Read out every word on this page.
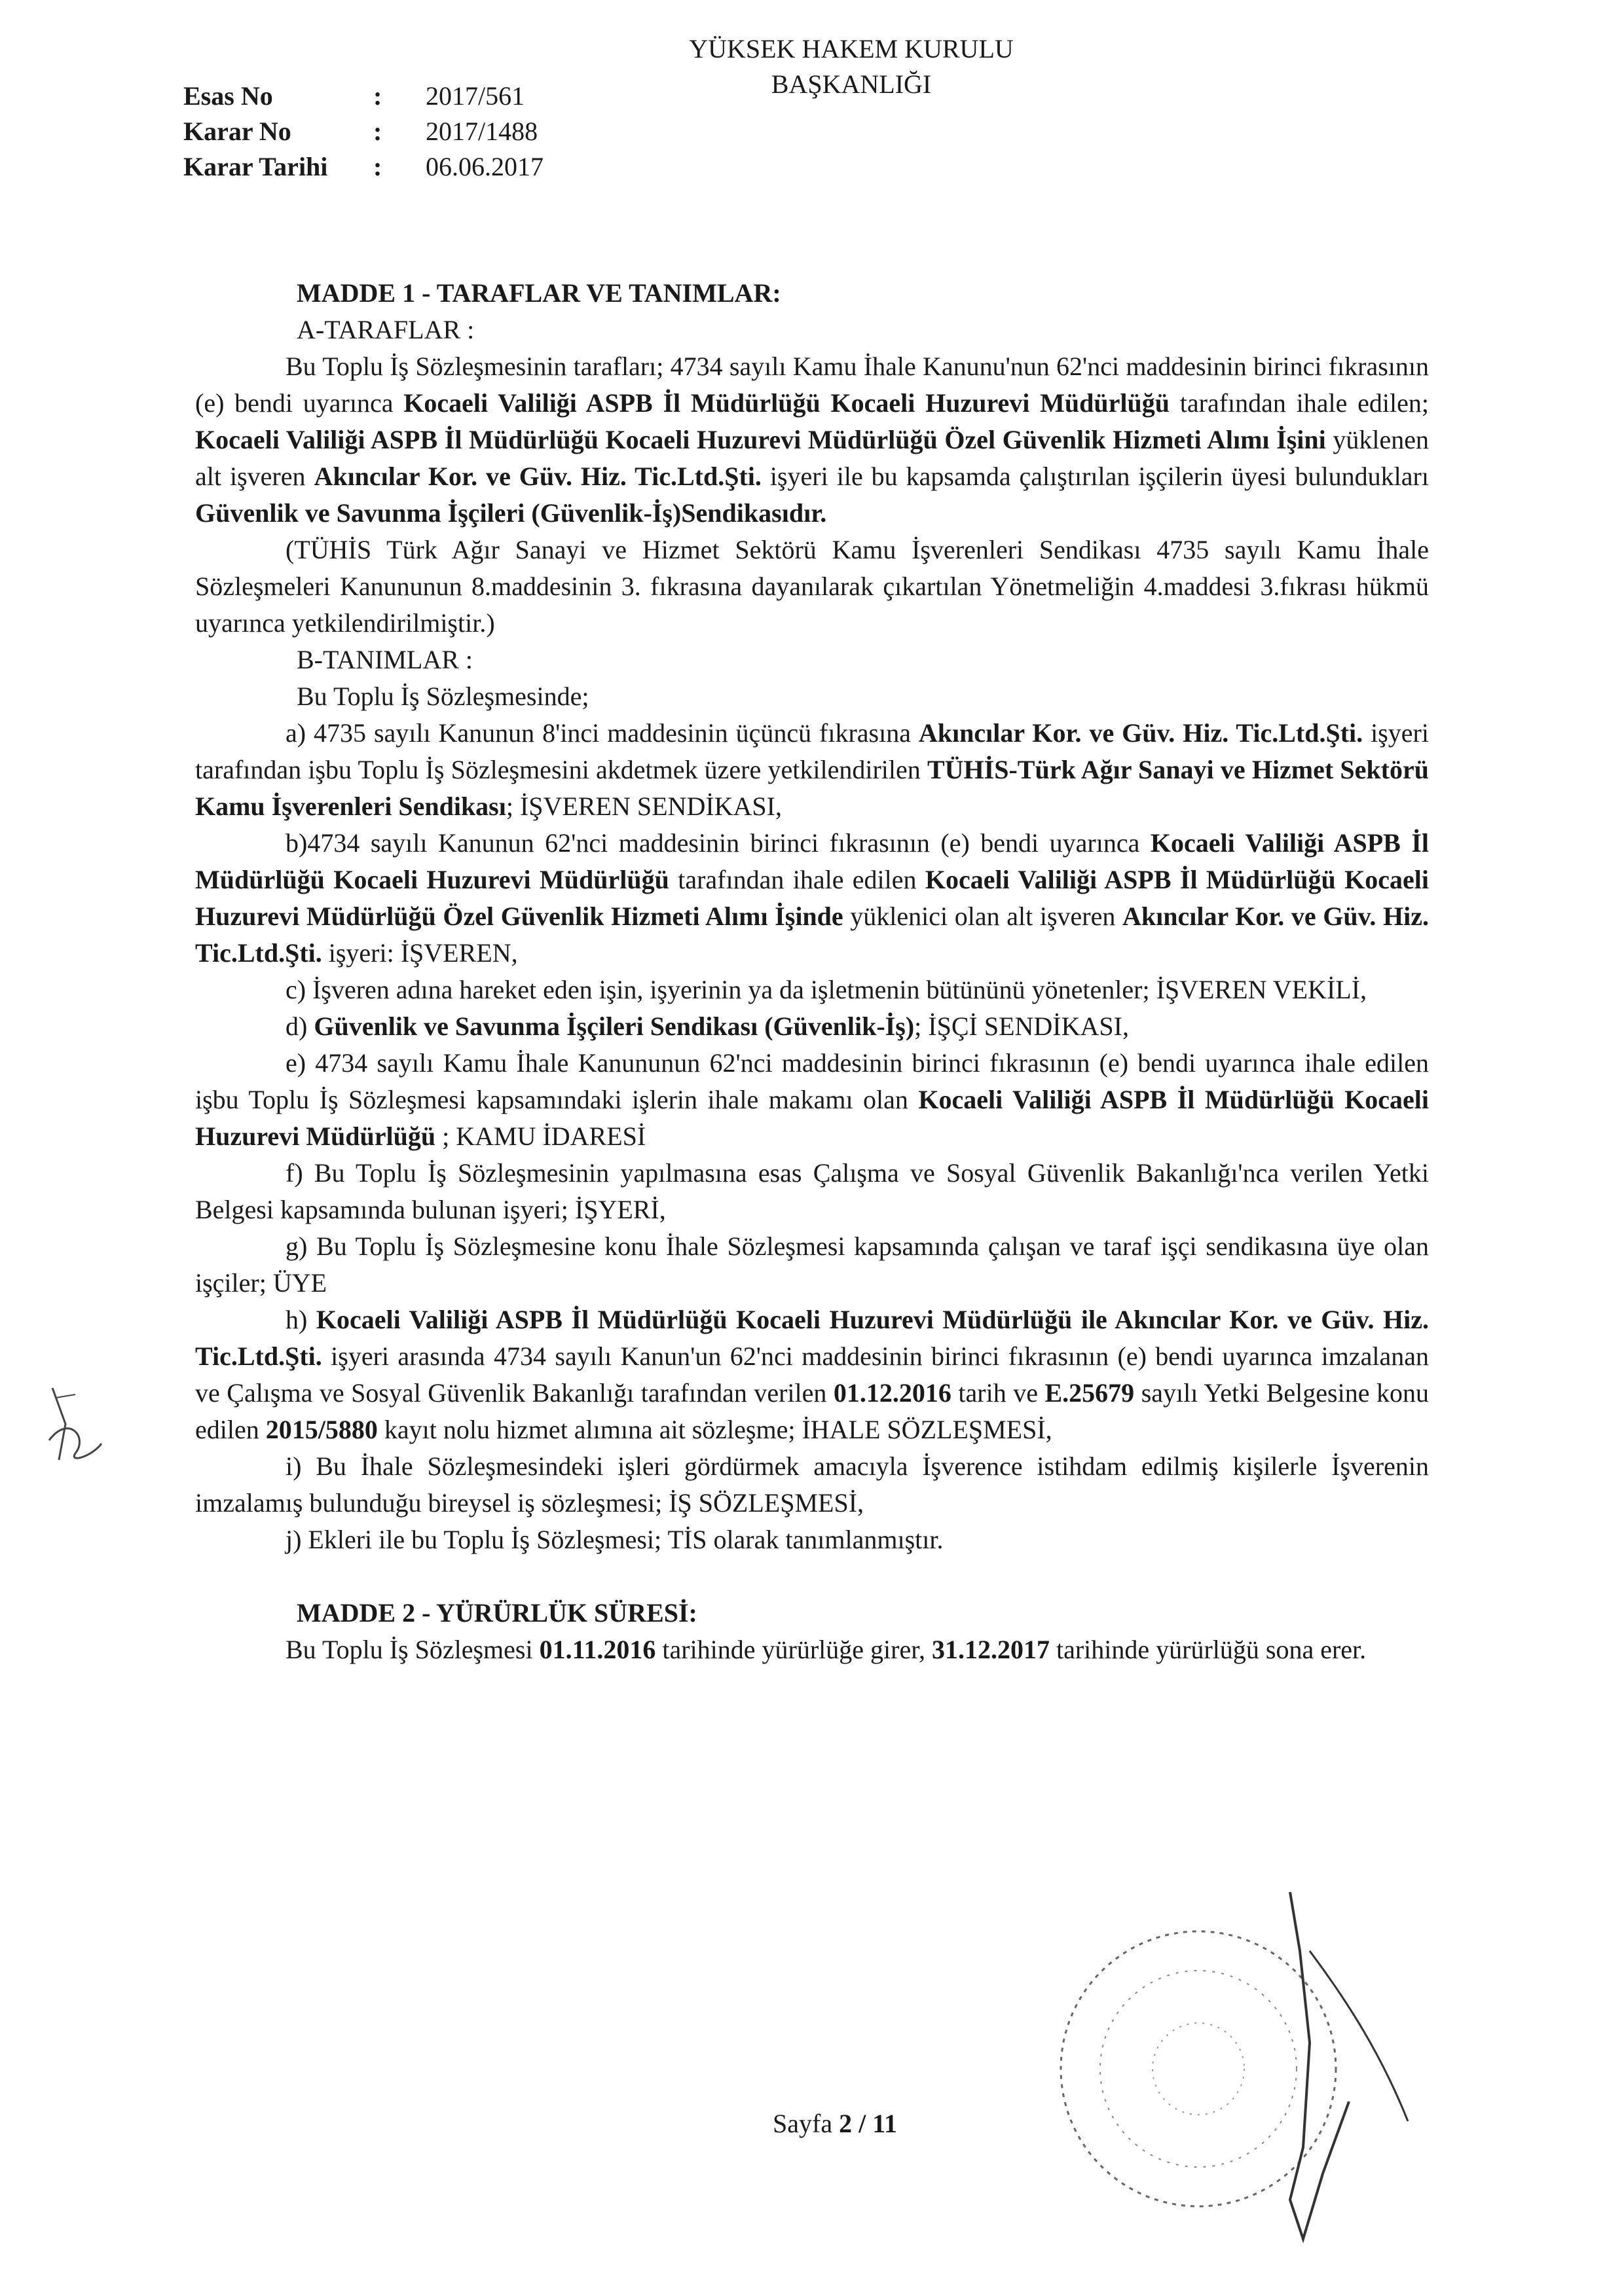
YÜKSEK HAKEM KURULU
BAŞKANLIĞI
Esas No	:	2017/561
Karar No	:	2017/1488
Karar Tarihi	:	06.06.2017

MADDE 1 - TARAFLAR VE TANIMLAR:

A-TARAFLAR :

Bu Toplu İş Sözleşmesinin tarafları; 4734 sayılı Kamu İhale Kanunu'nun 62'nci maddesinin birinci fıkrasının (e) bendi uyarınca Kocaeli Valiliği ASPB İl Müdürlüğü Kocaeli Huzurevi Müdürlüğü tarafından ihale edilen; Kocaeli Valiliği ASPB İl Müdürlüğü Kocaeli Huzurevi Müdürlüğü Özel Güvenlik Hizmeti Alımı İşini yüklenen alt işveren Akıncılar Kor. ve Güv. Hiz. Tic.Ltd.Şti. işyeri ile bu kapsamda çalıştırılan işçilerin üyesi bulundukları Güvenlik ve Savunma İşçileri (Güvenlik-İş)Sendikasıdır.

(TÜHİS Türk Ağır Sanayi ve Hizmet Sektörü Kamu İşverenleri Sendikası 4735 sayılı Kamu İhale Sözleşmeleri Kanununun 8.maddesinin 3. fıkrasına dayanılarak çıkartılan Yönetmeliğin 4.maddesi 3.fıkrası hükmü uyarınca yetkilendirilmiştir.)

B-TANIMLAR :

Bu Toplu İş Sözleşmesinde;

a) 4735 sayılı Kanunun 8'inci maddesinin üçüncü fıkrasına Akıncılar Kor. ve Güv. Hiz. Tic.Ltd.Şti. işyeri tarafından işbu Toplu İş Sözleşmesini akdetmek üzere yetkilendirilen TÜHİS-Türk Ağır Sanayi ve Hizmet Sektörü Kamu İşverenleri Sendikası; İŞVEREN SENDİKASI,

b)4734 sayılı Kanunun 62'nci maddesinin birinci fıkrasının (e) bendi uyarınca Kocaeli Valiliği ASPB İl Müdürlüğü Kocaeli Huzurevi Müdürlüğü tarafından ihale edilen Kocaeli Valiliği ASPB İl Müdürlüğü Kocaeli Huzurevi Müdürlüğü Özel Güvenlik Hizmeti Alımı İşinde yüklenici olan alt işveren Akıncılar Kor. ve Güv. Hiz. Tic.Ltd.Şti. işyeri: İŞVEREN,

c) İşveren adına hareket eden işin, işyerinin ya da işletmenin bütününü yönetenler; İŞVEREN VEKİLİ,

d) Güvenlik ve Savunma İşçileri Sendikası (Güvenlik-İş); İŞÇİ SENDİKASI,

e) 4734 sayılı Kamu İhale Kanununun 62'nci maddesinin birinci fıkrasının (e) bendi uyarınca ihale edilen işbu Toplu İş Sözleşmesi kapsamındaki işlerin ihale makamı olan Kocaeli Valiliği ASPB İl Müdürlüğü Kocaeli Huzurevi Müdürlüğü ; KAMU İDARESİ

f) Bu Toplu İş Sözleşmesinin yapılmasına esas Çalışma ve Sosyal Güvenlik Bakanlığı'nca verilen Yetki Belgesi kapsamında bulunan işyeri; İŞYERİ,

g) Bu Toplu İş Sözleşmesine konu İhale Sözleşmesi kapsamında çalışan ve taraf işçi sendikasına üye olan işçiler; ÜYE

h) Kocaeli Valiliği ASPB İl Müdürlüğü Kocaeli Huzurevi Müdürlüğü ile Akıncılar Kor. ve Güv. Hiz. Tic.Ltd.Şti. işyeri arasında 4734 sayılı Kanun'un 62'nci maddesinin birinci fıkrasının (e) bendi uyarınca imzalanan ve Çalışma ve Sosyal Güvenlik Bakanlığı tarafından verilen 01.12.2016 tarih ve E.25679 sayılı Yetki Belgesine konu edilen 2015/5880 kayıt nolu hizmet alımına ait sözleşme; İHALE SÖZLEŞMESİ,

i) Bu İhale Sözleşmesindeki işleri gördürmek amacıyla İşverence istihdam edilmiş kişilerle İşverenin imzalamış bulunduğu bireysel iş sözleşmesi; İŞ SÖZLEŞMESİ,

j) Ekleri ile bu Toplu İş Sözleşmesi; TİS olarak tanımlanmıştır.

MADDE 2 - YÜRÜRLÜK SÜRESİ:

Bu Toplu İş Sözleşmesi 01.11.2016 tarihinde yürürlüğe girer, 31.12.2017 tarihinde yürürlüğü sona erer.

Sayfa 2 / 11
